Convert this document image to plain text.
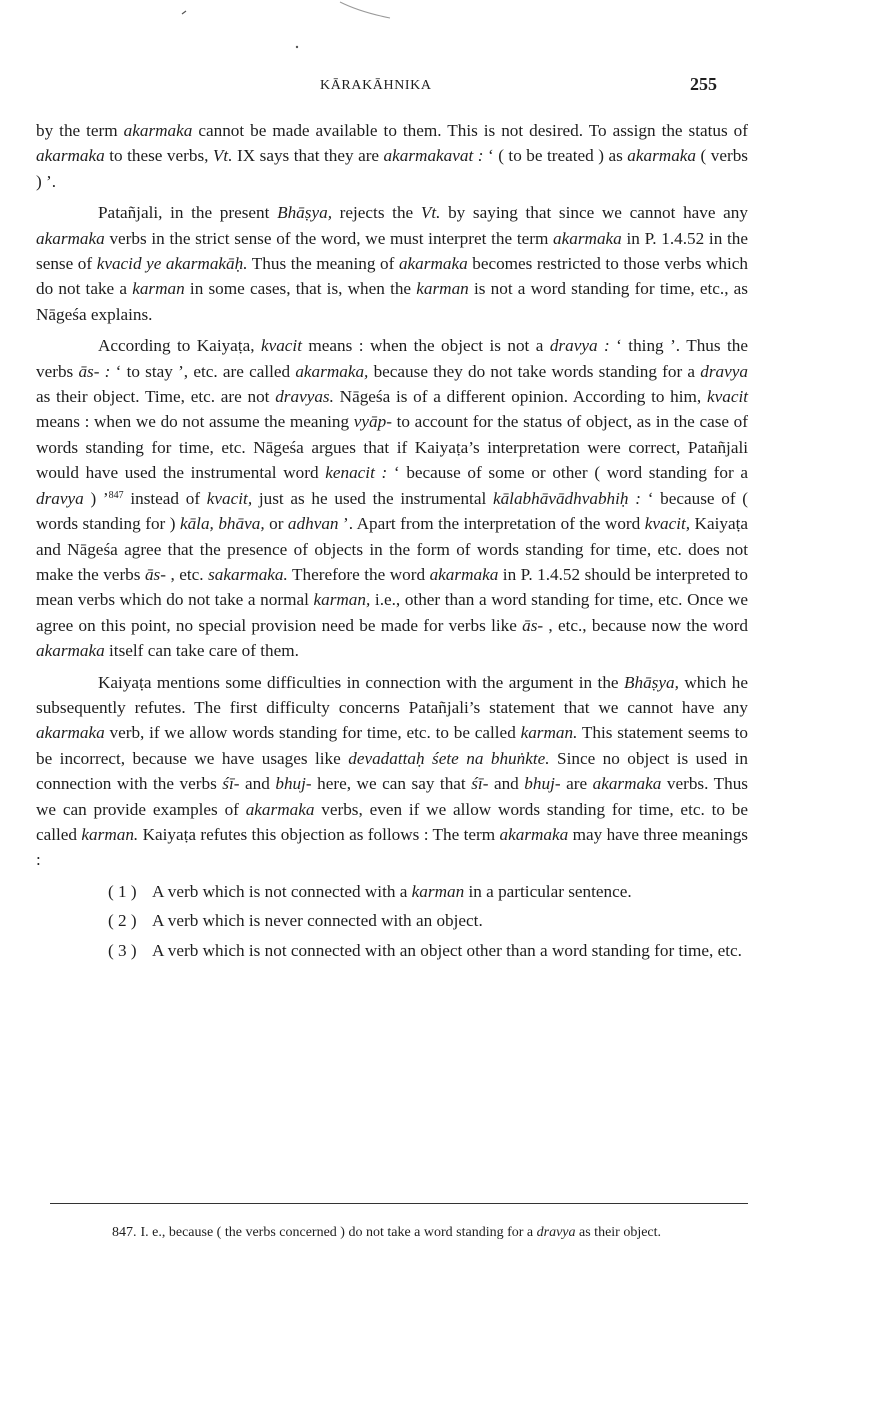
KĀRAKĀHNIKA	255

by the term akarmaka cannot be made available to them. This is not desired. To assign the status of akarmaka to these verbs, Vt. IX says that they are akarmakavat : ‘ ( to be treated ) as akarmaka ( verbs ) ’.

Patañjali, in the present Bhāṣya, rejects the Vt. by saying that since we cannot have any akarmaka verbs in the strict sense of the word, we must interpret the term akarmaka in P. 1.4.52 in the sense of kvacid ye akarmakāḥ. Thus the meaning of akarmaka becomes restricted to those verbs which do not take a karman in some cases, that is, when the karman is not a word standing for time, etc., as Nāgeśa explains.

According to Kaiyaṭa, kvacit means : when the object is not a dravya : ‘ thing ’. Thus the verbs ās- : ‘ to stay ’, etc. are called akarmaka, because they do not take words standing for a dravya as their object. Time, etc. are not dravyas. Nāgeśa is of a different opinion. According to him, kvacit means : when we do not assume the meaning vyāp- to account for the status of object, as in the case of words standing for time, etc. Nāgeśa argues that if Kaiyaṭa’s interpretation were correct, Patañjali would have used the instrumental word kenacit : ‘ because of some or other ( word standing for a dravya ) ’$^{847}$ instead of kvacit, just as he used the instrumental kālabhāvādhvabhiḥ : ‘ because of ( words standing for ) kāla, bhāva, or adhvan ’. Apart from the interpretation of the word kvacit, Kaiyaṭa and Nāgeśa agree that the presence of objects in the form of words standing for time, etc. does not make the verbs ās- , etc. sakarmaka. Therefore the word akarmaka in P. 1.4.52 should be interpreted to mean verbs which do not take a normal karman, i.e., other than a word standing for time, etc. Once we agree on this point, no special provision need be made for verbs like ās- , etc., because now the word akarmaka itself can take care of them.

Kaiyaṭa mentions some difficulties in connection with the argument in the Bhāṣya, which he subsequently refutes. The first difficulty concerns Patañjali’s statement that we cannot have any akarmaka verb, if we allow words standing for time, etc. to be called karman. This statement seems to be incorrect, because we have usages like devadattaḥ śete na bhuṅkte. Since no object is used in connection with the verbs śī- and bhuj- here, we can say that śī- and bhuj- are akarmaka verbs. Thus we can provide examples of akarmaka verbs, even if we allow words standing for time, etc. to be called karman. Kaiyaṭa refutes this objection as follows : The term akarmaka may have three meanings :

( 1 ) A verb which is not connected with a karman in a particular sentence.
( 2 ) A verb which is never connected with an object.
( 3 ) A verb which is not connected with an object other than a word standing for time, etc.
847. I. e., because ( the verbs concerned ) do not take a word standing for a dravya as their object.
